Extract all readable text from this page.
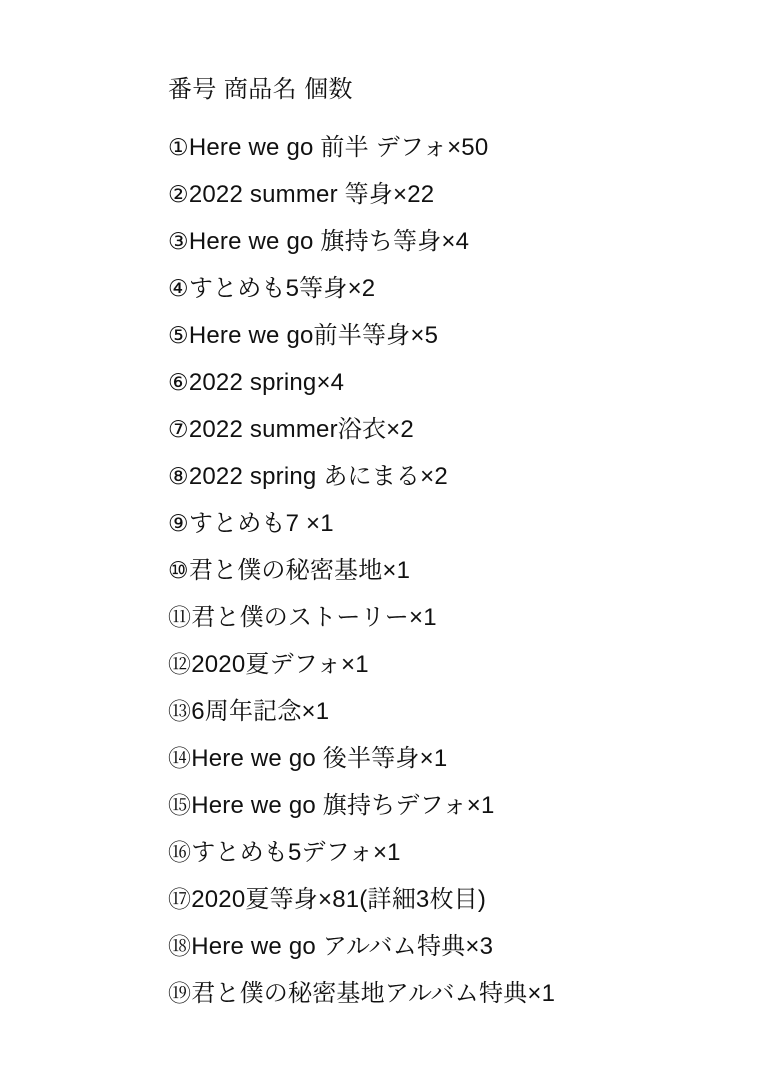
番号 商品名 個数
①Here we go 前半 デフォ×50
②2022 summer 等身×22
③Here we go 旗持ち等身×4
④すとめも5等身×2
⑤Here we go前半等身×5
⑥2022 spring×4
⑦2022 summer浴衣×2
⑧2022 spring あにまる×2
⑨すとめも7 ×1
⑩君と僕の秘密基地×1
⑪君と僕のストーリー×1
⑫2020夏デフォ×1
⑬6周年記念×1
⑭Here we go 後半等身×1
⑮Here we go 旗持ちデフォ×1
⑯すとめも5デフォ×1
⑰2020夏等身×81(詳細3枚目)
⑱Here we go アルバム特典×3
⑲君と僕の秘密基地アルバム特典×1
